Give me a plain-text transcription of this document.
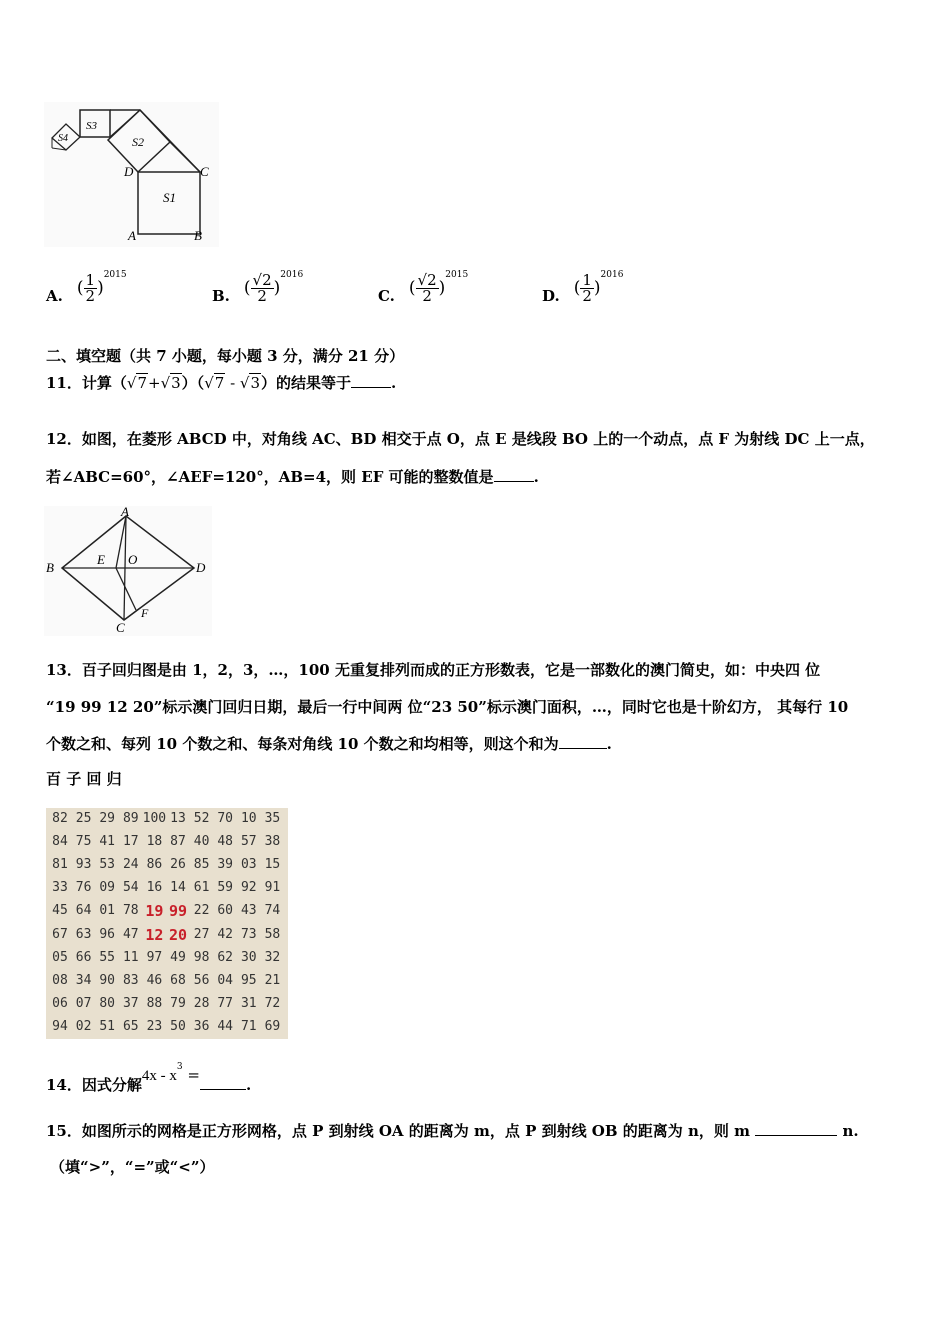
S1
S2
S3
S4
A	B
C
D
A. ( $\frac{1}{2}$ )
2015
B. ( $\frac{√2}{2}$ )
2016
C. ( $\frac{√2}{2}$ )
2015
D. ( $\frac{1}{2}$ )
2016
二、填空题（共 7 小题，每小题 3 分，满分 21 分）
11．计算（√7+√3）（√7 - √3）的结果等于	.
12．如图，在菱形 ABCD 中，对角线 AC、BD 相交于点 O，点 E 是线段 BO 上的一个动点，点 F 为射线 DC 上一点，
若∠ABC=60°，∠AEF=120°，AB=4，则 EF 可能的整数值是	.
A
B
C
D
E O
F
13．百子回归图是由 1，2，3，…，100 无重复排列而成的正方形数表，它是一部数化的澳门简史，如：中央四 位
“19 99 12 20”标示澳门回归日期，最后一行中间两 位“23 50”标示澳门面积，…，同时它也是十阶幻方， 其每行 10
个数之和、每列 10 个数之和、每条对角线 10 个数之和均相等，则这个和为	.
百 子 回 归
82 25 29 89 100 13 52 70 10 35
84 75 41 17 18 87 40 48 57 38
81 93 53 24 86 26 85 39 03 15
33 76 09 54 16 14 61 59 92 91
45 64 01 78 19 99 22 60 43 74
67 63 96 47 12 20 27 42 73 58
05 66 55 11 97 49 98 62 30 32
08 34 90 83 46 68 56 04 95 21
06 07 80 37 88 79 28 77 31 72
94 02 51 65 23 50 36 44 71 69
14．因式分解$4x - x^3$ =.
15．如图所示的网格是正方形网格，点 P 到射线 OA 的距离为 m，点 P 到射线 OB 的距离为 n，则 m	n.
（填“>”，“=”或“<”）
